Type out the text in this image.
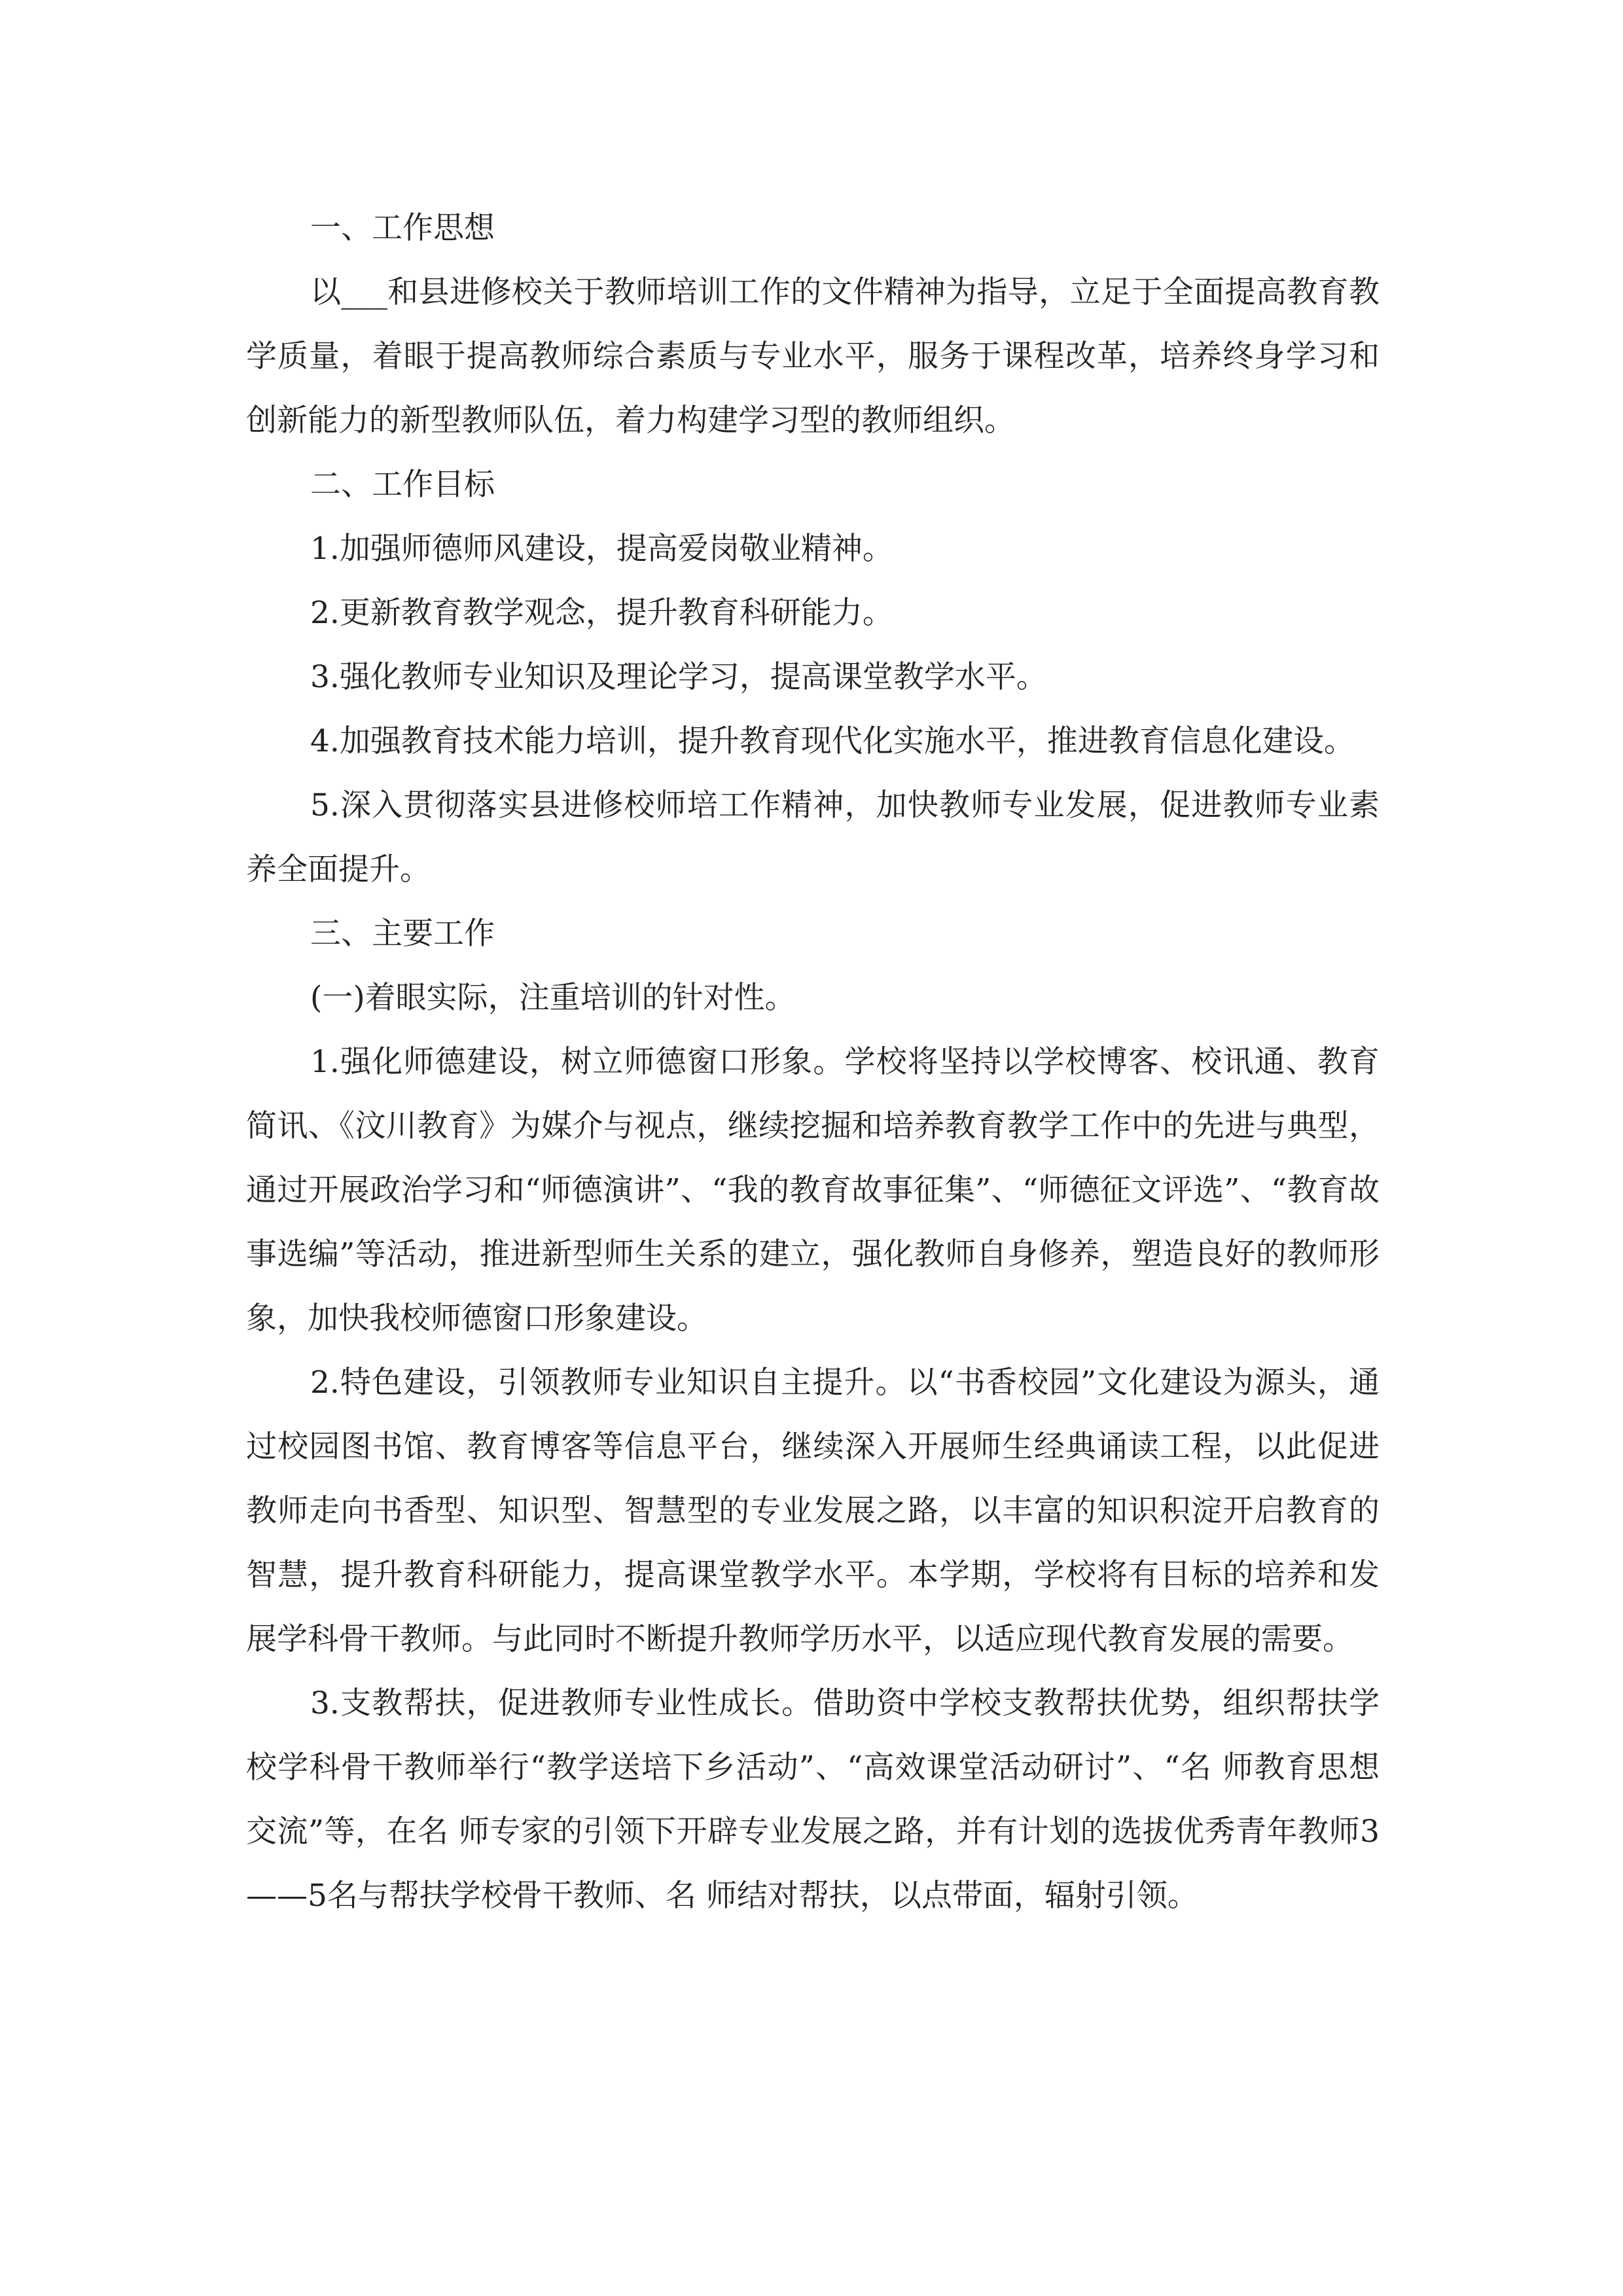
一、工作思想

以___和县进修校关于教师培训工作的文件精神为指导，立足于全面提高教育教学质量，着眼于提高教师综合素质与专业水平，服务于课程改革，培养终身学习和创新能力的新型教师队伍，着力构建学习型的教师组织。

二、工作目标

1.加强师德师风建设，提高爱岗敬业精神。

2.更新教育教学观念，提升教育科研能力。

3.强化教师专业知识及理论学习，提高课堂教学水平。

4.加强教育技术能力培训，提升教育现代化实施水平，推进教育信息化建设。

5.深入贯彻落实县进修校师培工作精神，加快教师专业发展，促进教师专业素养全面提升。

三、主要工作

(一)着眼实际，注重培训的针对性。

1.强化师德建设，树立师德窗口形象。学校将坚持以学校博客、校讯通、教育简讯、《汶川教育》为媒介与视点，继续挖掘和培养教育教学工作中的先进与典型，通过开展政治学习和“师德演讲”、“我的教育故事征集”、“师德征文评选”、“教育故事选编”等活动，推进新型师生关系的建立，强化教师自身修养，塑造良好的教师形象，加快我校师德窗口形象建设。

2.特色建设，引领教师专业知识自主提升。以“书香校园”文化建设为源头，通过校园图书馆、教育博客等信息平台，继续深入开展师生经典诵读工程，以此促进教师走向书香型、知识型、智慧型的专业发展之路，以丰富的知识积淀开启教育的智慧，提升教育科研能力，提高课堂教学水平。本学期，学校将有目标的培养和发展学科骨干教师。与此同时不断提升教师学历水平，以适应现代教育发展的需要。

3.支教帮扶，促进教师专业性成长。借助资中学校支教帮扶优势，组织帮扶学校学科骨干教师举行“教学送培下乡活动”、“高效课堂活动研讨”、“名 师教育思想交流”等，在名 师专家的引领下开辟专业发展之路，并有计划的选拔优秀青年教师3——5名与帮扶学校骨干教师、名 师结对帮扶，以点带面，辐射引领。
